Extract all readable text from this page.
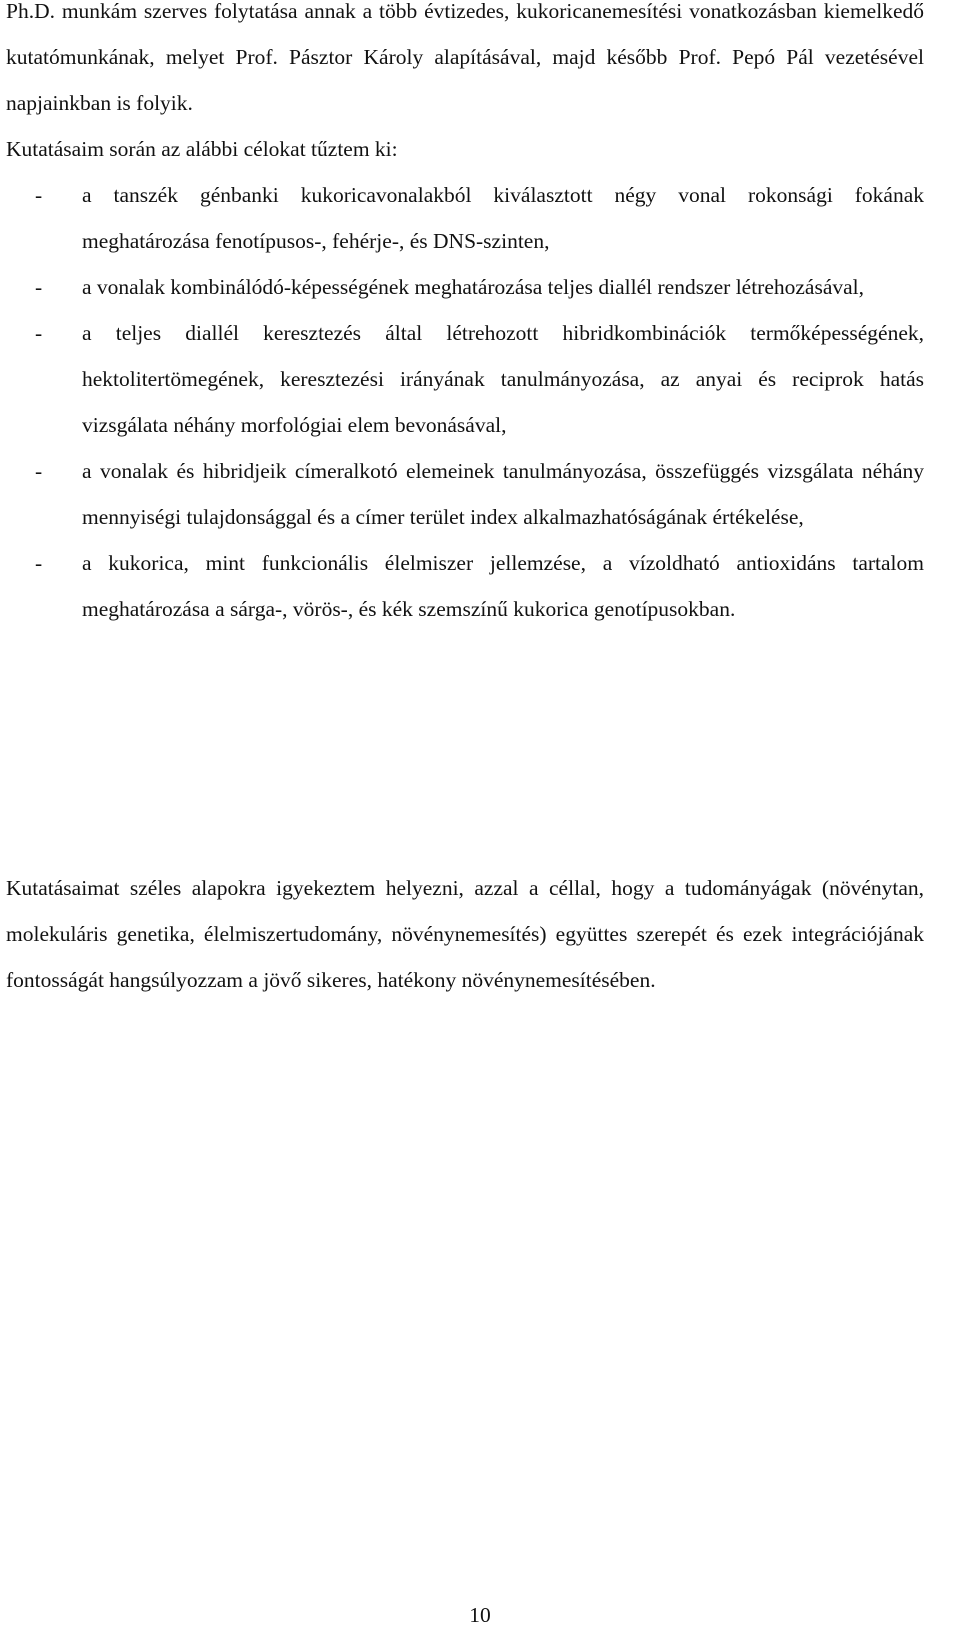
Ph.D. munkám szerves folytatása annak a több évtizedes, kukoricanemesítési vonatkozásban kiemelkedő kutatómunkának, melyet Prof. Pásztor Károly alapításával, majd később Prof. Pepó Pál vezetésével napjainkban is folyik.

Kutatásaim során az alábbi célokat tűztem ki:

- a tanszék génbanki kukoricavonalakból kiválasztott négy vonal rokonsági fokának meghatározása fenotípusos-, fehérje-, és DNS-szinten,
- a vonalak kombinálódó-képességének meghatározása teljes diallél rendszer létrehozásával,
- a teljes diallél keresztezés által létrehozott hibridkombinációk termőképességének, hektolitertömegének, keresztezési irányának tanulmányozása, az anyai és reciprok hatás vizsgálata néhány morfológiai elem bevonásával,
- a vonalak és hibridjeik címeralkotó elemeinek tanulmányozása, összefüggés vizsgálata néhány mennyiségi tulajdonsággal és a címer terület index alkalmazhatóságának értékelése,
- a kukorica, mint funkcionális élelmiszer jellemzése, a vízoldható antioxidáns tartalom meghatározása a sárga-, vörös-, és kék szemszínű kukorica genotípusokban.

Kutatásaimat széles alapokra igyekeztem helyezni, azzal a céllal, hogy a tudományágak (növénytan, molekuláris genetika, élelmiszertudomány, növénynemesítés) együttes szerepét és ezek integrációjának fontosságát hangsúlyozzam a jövő sikeres, hatékony növénynemesítésében.

10
